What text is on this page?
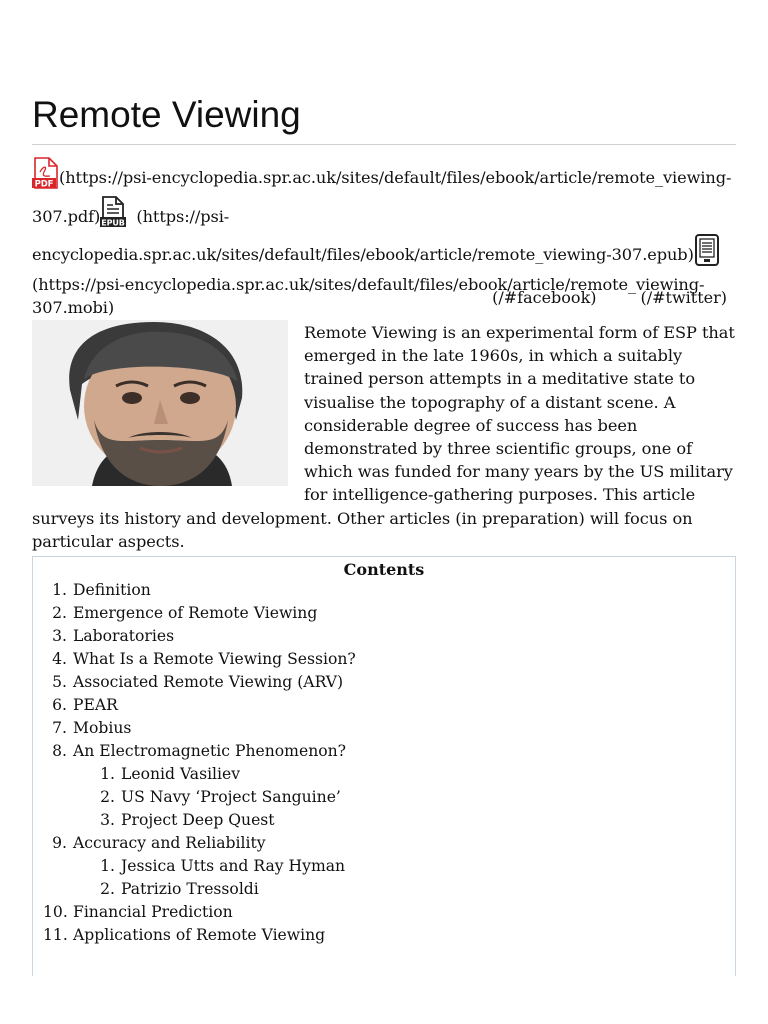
Remote Viewing
PDF (https://psi-encyclopedia.spr.ac.uk/sites/default/files/ebook/article/remote_viewing-307.pdf) EPUB (https://psi-encyclopedia.spr.ac.uk/sites/default/files/ebook/article/remote_viewing-307.epub)(https://psi-encyclopedia.spr.ac.uk/sites/default/files/ebook/article/remote_viewing-307.mobi)
(/#facebook)	(/#twitter)

Remote Viewing is an experimental form of ESP that emerged in the late 1960s, in which a suitably trained person attempts in a meditative state to visualise the topography of a distant scene. A considerable degree of success has been demonstrated by three scientific groups, one of which was funded for many years by the US military for intelligence-gathering purposes. This article surveys its history and development. Other articles (in preparation) will focus on particular aspects.

Contents

1. Definition
2. Emergence of Remote Viewing
3. Laboratories
4. What Is a Remote Viewing Session?
5. Associated Remote Viewing (ARV)
6. PEAR
7. Mobius
8. An Electromagnetic Phenomenon?
1. Leonid Vasiliev
2. US Navy ‘Project Sanguine’
3. Project Deep Quest
9. Accuracy and Reliability
1. Jessica Utts and Ray Hyman
2. Patrizio Tressoldi
10. Financial Prediction
11. Applications of Remote Viewing
